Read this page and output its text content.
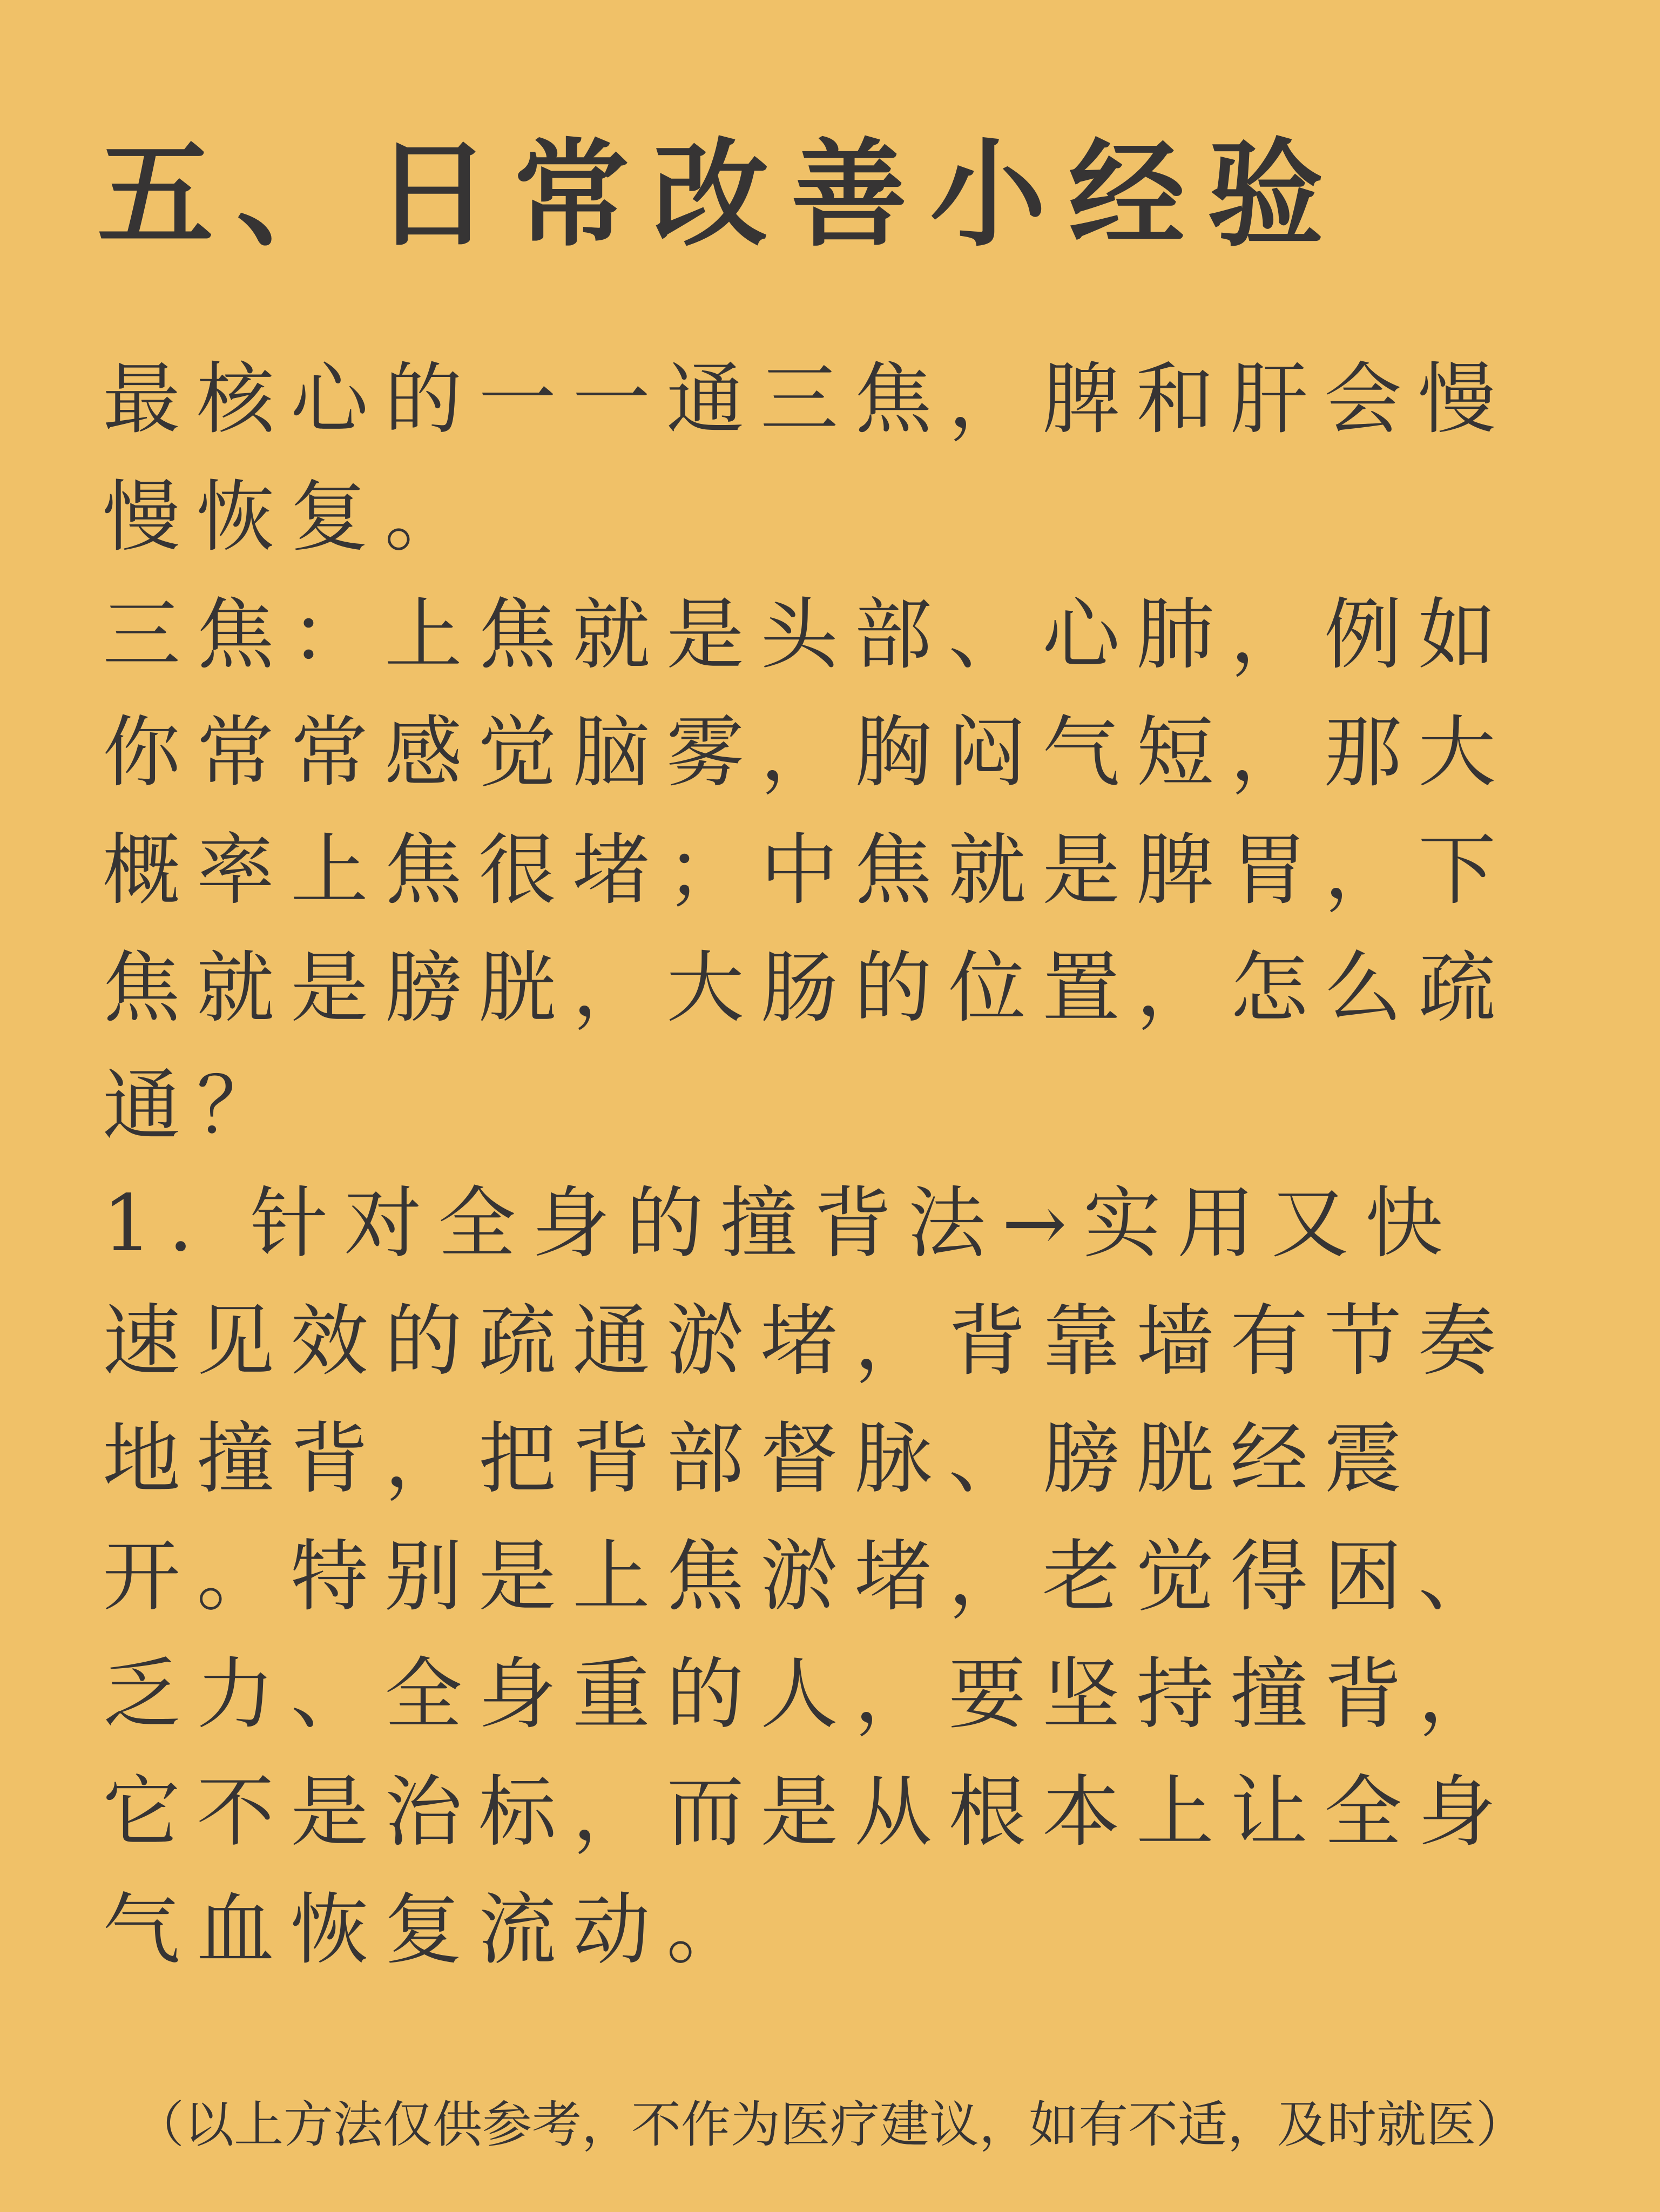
五、日常改善小经验

最核心的一一通三焦，脾和肝会慢慢恢复。

三焦：上焦就是头部、心肺，例如你常常感觉脑雾，胸闷气短，那大概率上焦很堵；中焦就是脾胃，下焦就是膀胱，大肠的位置，怎么疏通？

1. 针对全身的撞背法→实用又快速见效的疏通淤堵，背靠墙有节奏地撞背，把背部督脉、膀胱经震开。特别是上焦淤堵，老觉得困、乏力、全身重的人，要坚持撞背，它不是治标，而是从根本上让全身气血恢复流动。

（以上方法仅供参考，不作为医疗建议，如有不适，及时就医）
